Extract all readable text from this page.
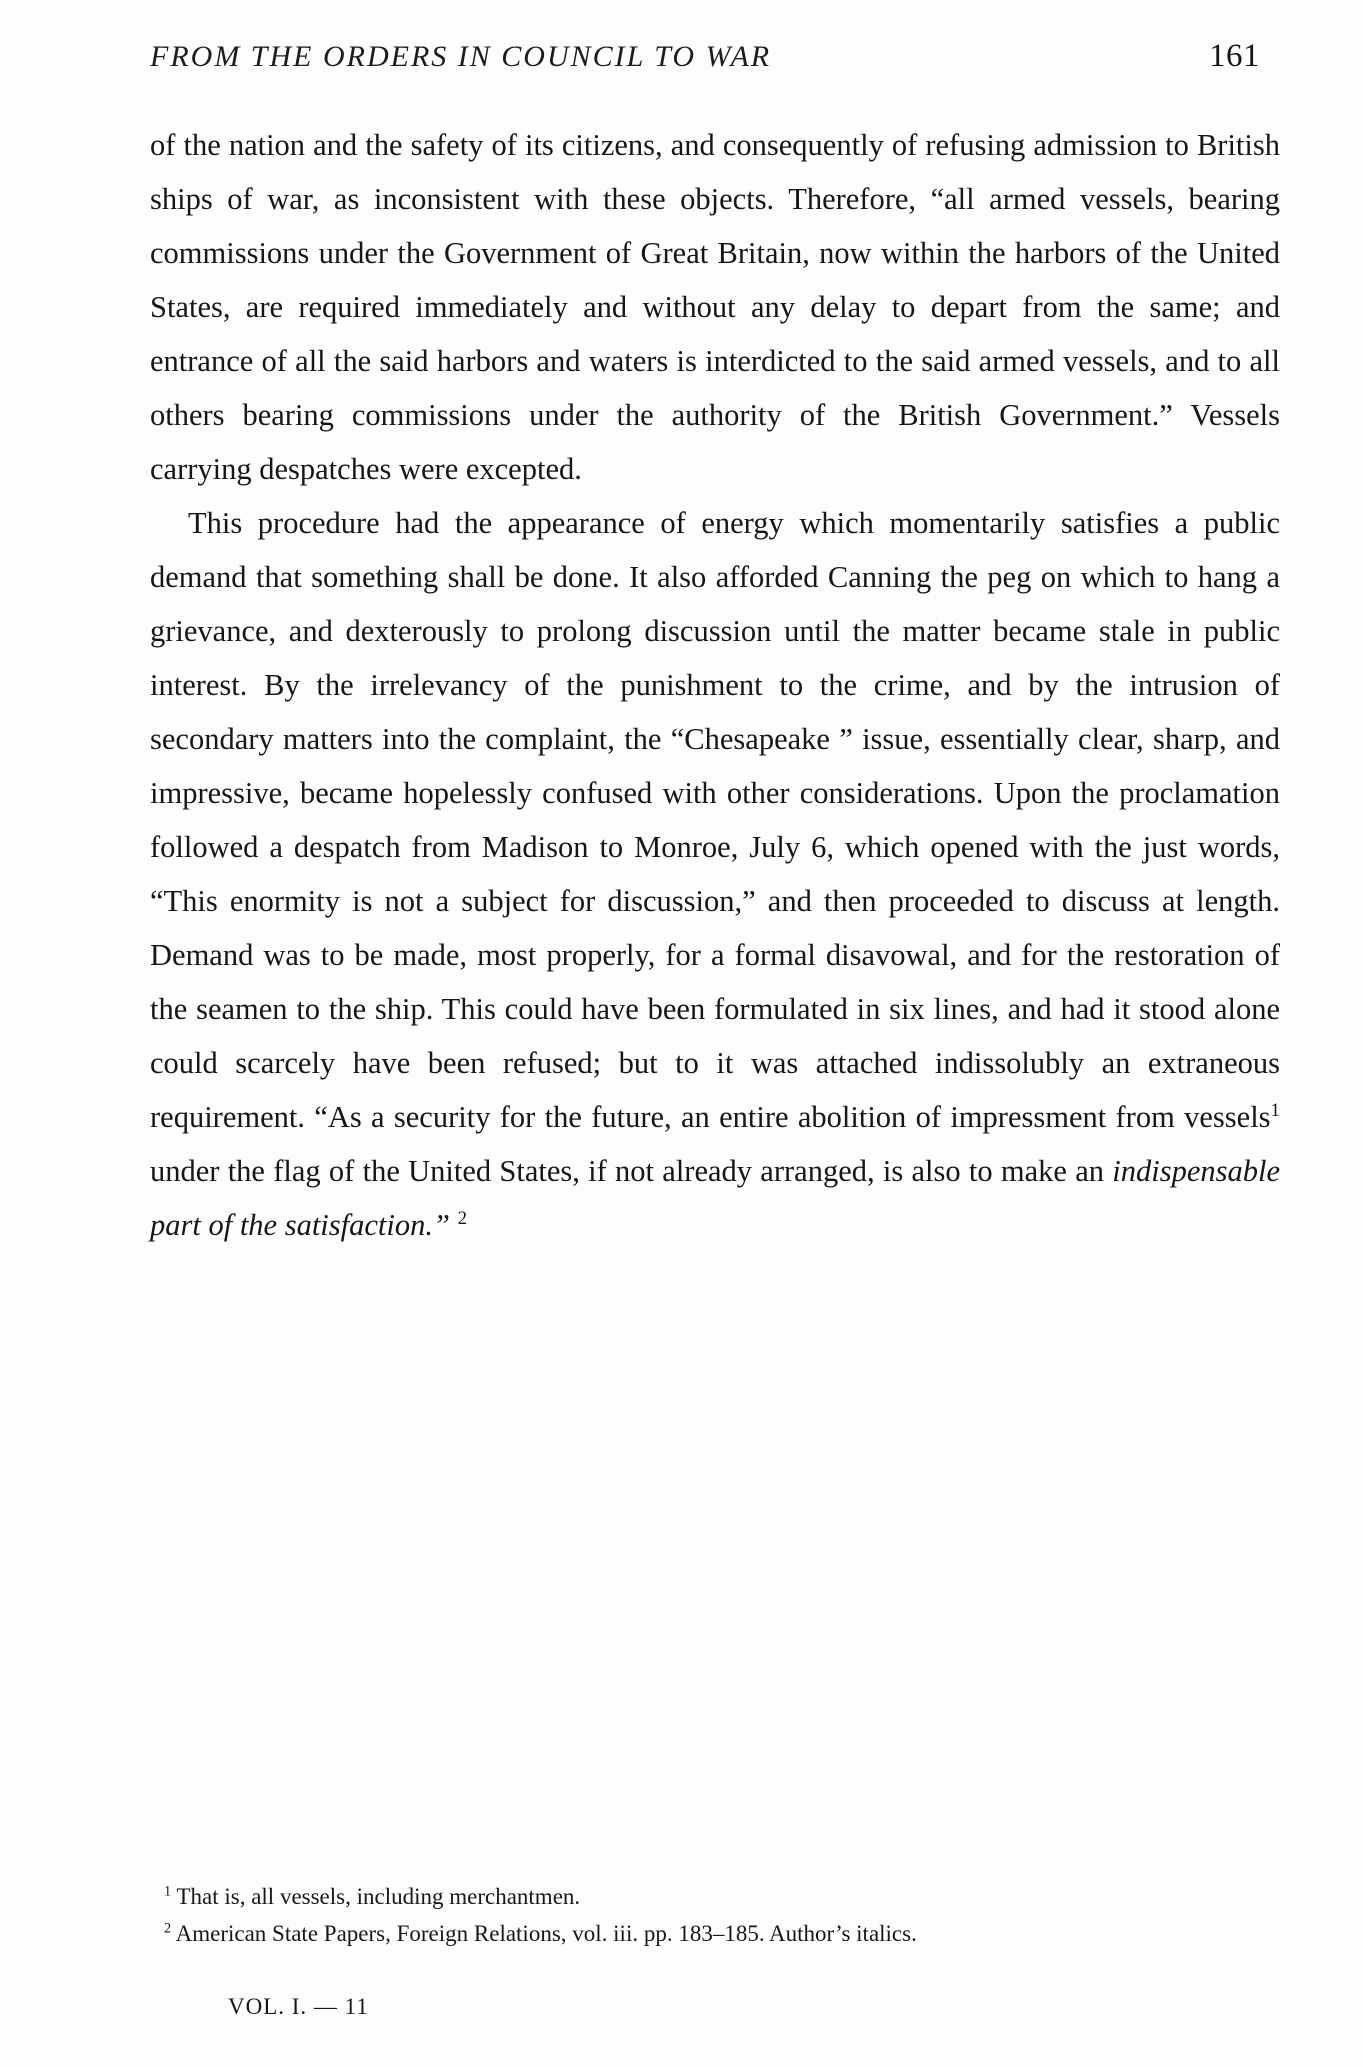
FROM THE ORDERS IN COUNCIL TO WAR	161

of the nation and the safety of its citizens, and consequently of refusing admission to British ships of war, as inconsistent with these objects. Therefore, “all armed vessels, bearing commissions under the Government of Great Britain, now within the harbors of the United States, are required immediately and without any delay to depart from the same; and entrance of all the said harbors and waters is interdicted to the said armed vessels, and to all others bearing commissions under the authority of the British Government.” Vessels carrying despatches were excepted.

This procedure had the appearance of energy which momentarily satisfies a public demand that something shall be done. It also afforded Canning the peg on which to hang a grievance, and dexterously to prolong discussion until the matter became stale in public interest. By the irrelevancy of the punishment to the crime, and by the intrusion of secondary matters into the complaint, the “Chesapeake ” issue, essentially clear, sharp, and impressive, became hopelessly confused with other considerations. Upon the proclamation followed a despatch from Madison to Monroe, July 6, which opened with the just words, “This enormity is not a subject for discussion,” and then proceeded to discuss at length. Demand was to be made, most properly, for a formal disavowal, and for the restoration of the seamen to the ship. This could have been formulated in six lines, and had it stood alone could scarcely have been refused; but to it was attached indissolubly an extraneous requirement. “As a security for the future, an entire abolition of impressment from vessels$^1$ under the flag of the United States, if not already arranged, is also to make an indispensable part of the satisfaction.” $^2$

$^1$ That is, all vessels, including merchantmen.

$^2$ American State Papers, Foreign Relations, vol. iii. pp. 183–185. Author’s italics.

VOL. I. — 11
